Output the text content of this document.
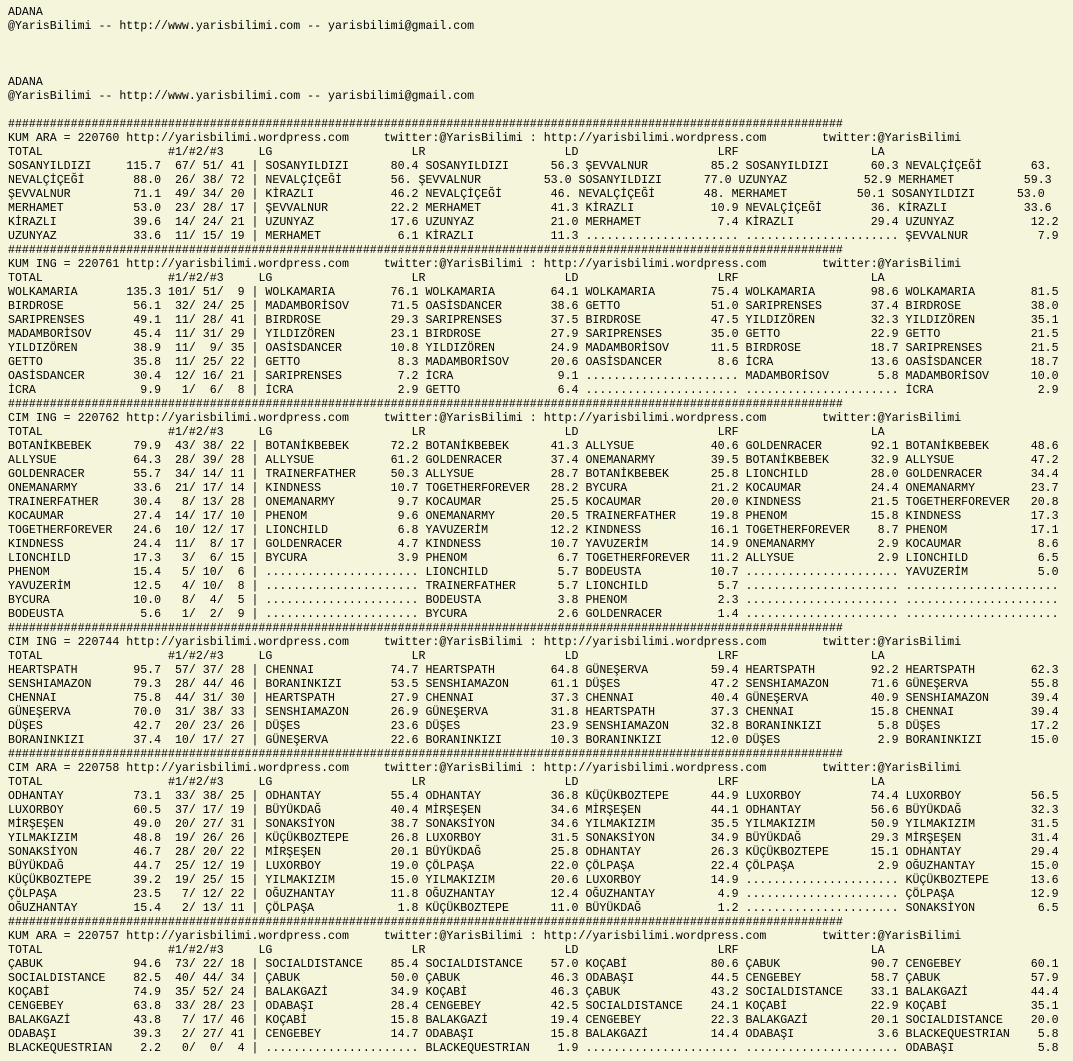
ADANA
@YarisBilimi -- http://www.yarisbilimi.com -- yarisbilimi@gmail.com
ADANA
@YarisBilimi -- http://www.yarisbilimi.com -- yarisbilimi@gmail.com
########################################################################################################################
KUM ARA = 220760 http://yarisbilimi.wordpress.com     twitter:@YarisBilimi : http://yarisbilimi.wordpress.com        twitter:@YarisBilimi
TOTAL                  #1/#2/#3     LG                    LR                    LD                    LRF                   LA
SOSANYILDIZI     115.7  67/ 51/ 41 | SOSANYILDIZI      80.4 SOSANYILDIZI      56.3 ŞEVVALNUR         85.2 SOSANYILDIZI      60.3 NEVALÇİÇEĞİ       63.
NEVALÇİÇEĞİ       88.0  26/ 38/ 72 | NEVALÇİÇEĞİ       56. ŞEVVALNUR         53.0 SOSANYILDIZI      77.0 UZUNYAZ           52.9 MERHAMET          59.3
ŞEVVALNUR         71.1  49/ 34/ 20 | KİRAZLI           46.2 NEVALÇİÇEĞİ       46. NEVALÇİÇEĞİ       48. MERHAMET          50.1 SOSANYILDIZI      53.0
MERHAMET          53.0  23/ 28/ 17 | ŞEVVALNUR         22.2 MERHAMET          41.3 KİRAZLI           10.9 NEVALÇİÇEĞİ       36. KİRAZLI           33.6
KİRAZLI           39.6  14/ 24/ 21 | UZUNYAZ           17.6 UZUNYAZ           21.0 MERHAMET           7.4 KİRAZLI           29.4 UZUNYAZ           12.2
UZUNYAZ           33.6  11/ 15/ 19 | MERHAMET           6.1 KİRAZLI           11.3 ...................... ...................... ŞEVVALNUR          7.9
########################################################################################################################
KUM ING = 220761 http://yarisbilimi.wordpress.com     twitter:@YarisBilimi : http://yarisbilimi.wordpress.com        twitter:@YarisBilimi
TOTAL                  #1/#2/#3     LG                    LR                    LD                    LRF                   LA
WOLKAMARIA       135.3 101/ 51/  9 | WOLKAMARIA        76.1 WOLKAMARIA        64.1 WOLKAMARIA        75.4 WOLKAMARIA        98.6 WOLKAMARIA        81.5
BIRDROSE          56.1  32/ 24/ 25 | MADAMBORİSOV      71.5 OASİSDANCER       38.6 GETTO             51.0 SARIPRENSES       37.4 BIRDROSE          38.0
SARIPRENSES       49.1  11/ 28/ 41 | BIRDROSE          29.3 SARIPRENSES       37.5 BIRDROSE          47.5 YILDIZÖREN        32.3 YILDIZÖREN        35.1
MADAMBORİSOV      45.4  11/ 31/ 29 | YILDIZÖREN        23.1 BIRDROSE          27.9 SARIPRENSES       35.0 GETTO             22.9 GETTO             21.5
YILDIZÖREN        38.9  11/  9/ 35 | OASİSDANCER       10.8 YILDIZÖREN        24.9 MADAMBORİSOV      11.5 BIRDROSE          18.7 SARIPRENSES       21.5
GETTO             35.8  11/ 25/ 22 | GETTO              8.3 MADAMBORİSOV      20.6 OASİSDANCER        8.6 İCRA              13.6 OASİSDANCER       18.7
OASİSDANCER       30.4  12/ 16/ 21 | SARIPRENSES        7.2 İCRA               9.1 ...................... MADAMBORİSOV       5.8 MADAMBORİSOV      10.0
İCRA               9.9   1/  6/  8 | İCRA               2.9 GETTO              6.4 ...................... ...................... İCRA               2.9
########################################################################################################################
CIM ING = 220762 http://yarisbilimi.wordpress.com     twitter:@YarisBilimi : http://yarisbilimi.wordpress.com        twitter:@YarisBilimi
TOTAL                  #1/#2/#3     LG                    LR                    LD                    LRF                   LA
BOTANİKBEBEK      79.9  43/ 38/ 22 | BOTANİKBEBEK      72.2 BOTANİKBEBEK      41.3 ALLYSUE           40.6 GOLDENRACER       92.1 BOTANİKBEBEK      48.6
ALLYSUE           64.3  28/ 39/ 28 | ALLYSUE           61.2 GOLDENRACER       37.4 ONEMANARMY        39.5 BOTANİKBEBEK      32.9 ALLYSUE           47.2
GOLDENRACER       55.7  34/ 14/ 11 | TRAINERFATHER     50.3 ALLYSUE           28.7 BOTANİKBEBEK      25.8 LIONCHILD         28.0 GOLDENRACER       34.4
ONEMANARMY        33.6  21/ 17/ 14 | KINDNESS          10.7 TOGETHERFOREVER   28.2 BYCURA            21.2 KOCAUMAR          24.4 ONEMANARMY        23.7
TRAINERFATHER     30.4   8/ 13/ 28 | ONEMANARMY         9.7 KOCAUMAR          25.5 KOCAUMAR          20.0 KINDNESS          21.5 TOGETHERFOREVER   20.8
KOCAUMAR          27.4  14/ 17/ 10 | PHENOM             9.6 ONEMANARMY        20.5 TRAINERFATHER     19.8 PHENOM            15.8 KINDNESS          17.3
TOGETHERFOREVER   24.6  10/ 12/ 17 | LIONCHILD          6.8 YAVUZERİM         12.2 KINDNESS          16.1 TOGETHERFOREVER    8.7 PHENOM            17.1
KINDNESS          24.4  11/  8/ 17 | GOLDENRACER        4.7 KINDNESS          10.7 YAVUZERİM         14.9 ONEMANARMY         2.9 KOCAUMAR           8.6
LIONCHILD         17.3   3/  6/ 15 | BYCURA             3.9 PHENOM             6.7 TOGETHERFOREVER   11.2 ALLYSUE            2.9 LIONCHILD          6.5
PHENOM            15.4   5/ 10/  6 | ...................... LIONCHILD          5.7 BODEUSTA          10.7 ...................... YAVUZERİM          5.0
YAVUZERİM         12.5   4/ 10/  8 | ...................... TRAINERFATHER      5.7 LIONCHILD          5.7 ...................... ......................
BYCURA            10.0   8/  4/  5 | ...................... BODEUSTA           3.8 PHENOM             2.3 ...................... ......................
BODEUSTA           5.6   1/  2/  9 | ...................... BYCURA             2.6 GOLDENRACER        1.4 ...................... ......................
########################################################################################################################
CIM ING = 220744 http://yarisbilimi.wordpress.com     twitter:@YarisBilimi : http://yarisbilimi.wordpress.com        twitter:@YarisBilimi
TOTAL                  #1/#2/#3     LG                    LR                    LD                    LRF                   LA
HEARTSPATH        95.7  57/ 37/ 28 | CHENNAI           74.7 HEARTSPATH        64.8 GÜNEŞERVA         59.4 HEARTSPATH        92.2 HEARTSPATH        62.3
SENSHIAMAZON      79.3  28/ 44/ 46 | BORANINKIZI       53.5 SENSHIAMAZON      61.1 DÜŞES             47.2 SENSHIAMAZON      71.6 GÜNEŞERVA         55.8
CHENNAI           75.8  44/ 31/ 30 | HEARTSPATH        27.9 CHENNAI           37.3 CHENNAI           40.4 GÜNEŞERVA         40.9 SENSHIAMAZON      39.4
GÜNEŞERVA         70.0  31/ 38/ 33 | SENSHIAMAZON      26.9 GÜNEŞERVA         31.8 HEARTSPATH        37.3 CHENNAI           15.8 CHENNAI           39.4
DÜŞES             42.7  20/ 23/ 26 | DÜŞES             23.6 DÜŞES             23.9 SENSHIAMAZON      32.8 BORANINKIZI        5.8 DÜŞES             17.2
BORANINKIZI       37.4  10/ 17/ 27 | GÜNEŞERVA         22.6 BORANINKIZI       10.3 BORANINKIZI       12.0 DÜŞES              2.9 BORANINKIZI       15.0
########################################################################################################################
CIM ARA = 220758 http://yarisbilimi.wordpress.com     twitter:@YarisBilimi : http://yarisbilimi.wordpress.com        twitter:@YarisBilimi
TOTAL                  #1/#2/#3     LG                    LR                    LD                    LRF                   LA
ODHANTAY          73.1  33/ 38/ 25 | ODHANTAY          55.4 ODHANTAY          36.8 KÜÇÜKBOZTEPE      44.9 LUXORBOY          74.4 LUXORBOY          56.5
LUXORBOY          60.5  37/ 17/ 19 | BÜYÜKDAĞ          40.4 MİRŞEŞEN          34.6 MİRŞEŞEN          44.1 ODHANTAY          56.6 BÜYÜKDAĞ          32.3
MİRŞEŞEN          49.0  20/ 27/ 31 | SONAKSİYON        38.7 SONAKSİYON        34.6 YILMAKIZIM        35.5 YILMAKIZIM        50.9 YILMAKIZIM        31.5
YILMAKIZIM        48.8  19/ 26/ 26 | KÜÇÜKBOZTEPE      26.8 LUXORBOY          31.5 SONAKSİYON        34.9 BÜYÜKDAĞ          29.3 MİRŞEŞEN          31.4
SONAKSİYON        46.7  28/ 20/ 22 | MİRŞEŞEN          20.1 BÜYÜKDAĞ          25.8 ODHANTAY          26.3 KÜÇÜKBOZTEPE      15.1 ODHANTAY          29.4
BÜYÜKDAĞ          44.7  25/ 12/ 19 | LUXORBOY          19.0 ÇÖLPAŞA           22.0 ÇÖLPAŞA           22.4 ÇÖLPAŞA            2.9 OĞUZHANTAY        15.0
KÜÇÜKBOZTEPE      39.2  19/ 25/ 15 | YILMAKIZIM        15.0 YILMAKIZIM        20.6 LUXORBOY          14.9 ...................... KÜÇÜKBOZTEPE      13.6
ÇÖLPAŞA           23.5   7/ 12/ 22 | OĞUZHANTAY        11.8 OĞUZHANTAY        12.4 OĞUZHANTAY         4.9 ...................... ÇÖLPAŞA           12.9
OĞUZHANTAY        15.4   2/ 13/ 11 | ÇÖLPAŞA            1.8 KÜÇÜKBOZTEPE      11.0 BÜYÜKDAĞ           1.2 ...................... SONAKSİYON         6.5
########################################################################################################################
KUM ARA = 220757 http://yarisbilimi.wordpress.com     twitter:@YarisBilimi : http://yarisbilimi.wordpress.com        twitter:@YarisBilimi
TOTAL                  #1/#2/#3     LG                    LR                    LD                    LRF                   LA
ÇABUK             94.6  73/ 22/ 18 | SOCIALDISTANCE    85.4 SOCIALDISTANCE    57.0 KOÇABİ            80.6 ÇABUK             90.7 CENGEBEY          60.1
SOCIALDISTANCE    82.5  40/ 44/ 34 | ÇABUK             50.0 ÇABUK             46.3 ODABAŞI           44.5 CENGEBEY          58.7 ÇABUK             57.9
KOÇABİ            74.9  35/ 52/ 24 | BALAKGAZİ         34.9 KOÇABİ            46.3 ÇABUK             43.2 SOCIALDISTANCE    33.1 BALAKGAZİ         44.4
CENGEBEY          63.8  33/ 28/ 23 | ODABAŞI           28.4 CENGEBEY          42.5 SOCIALDISTANCE    24.1 KOÇABİ            22.9 KOÇABİ            35.1
BALAKGAZİ         43.8   7/ 17/ 46 | KOÇABİ            15.8 BALAKGAZİ         19.4 CENGEBEY          22.3 BALAKGAZİ         20.1 SOCIALDISTANCE    20.0
ODABAŞI           39.3   2/ 27/ 41 | CENGEBEY          14.7 ODABAŞI           15.8 BALAKGAZİ         14.4 ODABAŞI            3.6 BLACKEQUESTRIAN    5.8
BLACKEQUESTRIAN    2.2   0/  0/  4 | ...................... BLACKEQUESTRIAN    1.9 ...................... ...................... ODABAŞI            5.8
